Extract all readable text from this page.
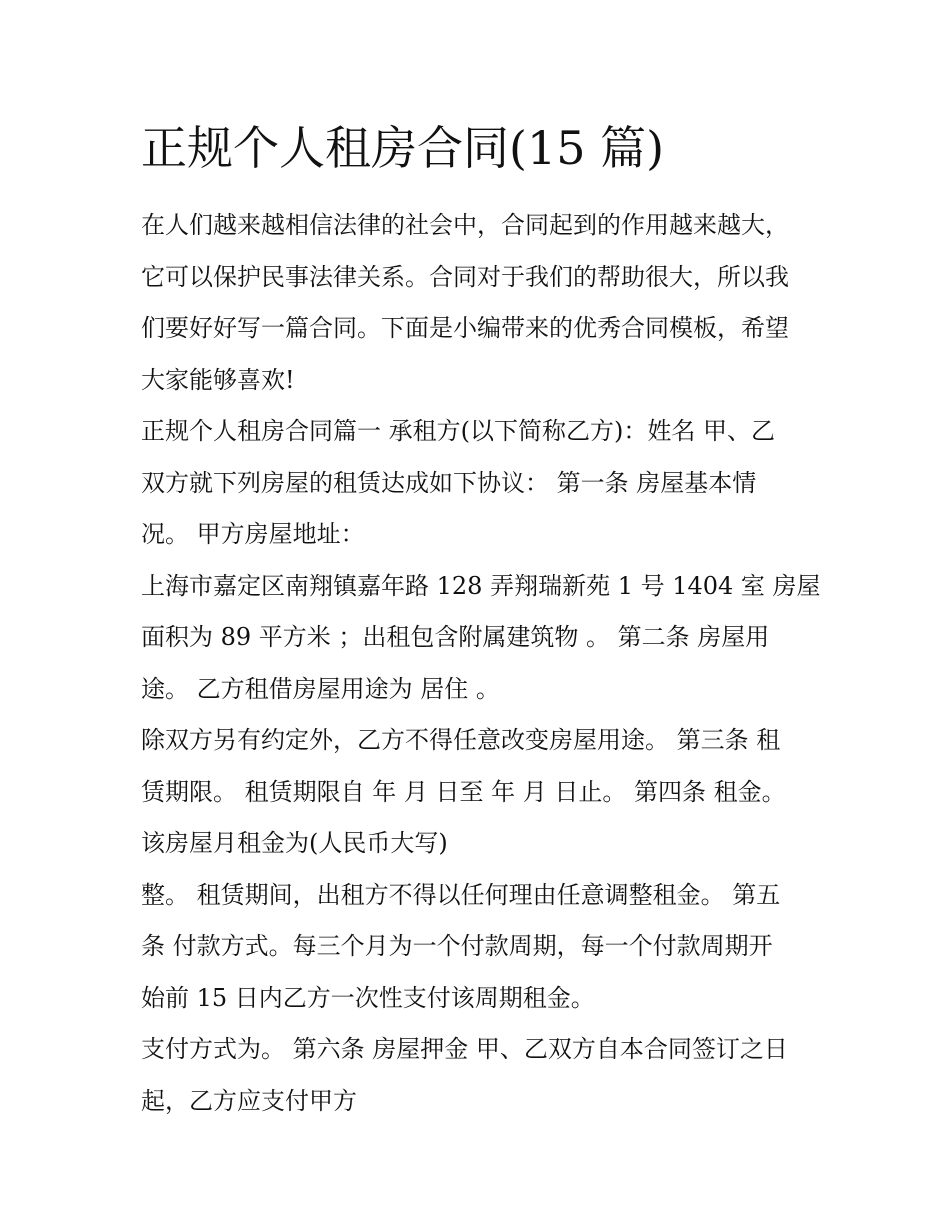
正规个人租房合同(15 篇)

在人们越来越相信法律的社会中，合同起到的作用越来越大，
它可以保护民事法律关系。合同对于我们的帮助很大，所以我
们要好好写一篇合同。下面是小编带来的优秀合同模板，希望
大家能够喜欢!

正规个人租房合同篇一 承租方(以下简称乙方)：姓名 甲、乙
双方就下列房屋的租赁达成如下协议： 第一条 房屋基本情
况。 甲方房屋地址：

上海市嘉定区南翔镇嘉年路 128 弄翔瑞新苑 1 号 1404 室 房屋
面积为 89 平方米 ；出租包含附属建筑物 。 第二条 房屋用
途。 乙方租借房屋用途为 居住 。

除双方另有约定外，乙方不得任意改变房屋用途。 第三条 租
赁期限。 租赁期限自 年 月 日至 年 月 日止。 第四条 租金。
该房屋月租金为(人民币大写)

整。 租赁期间，出租方不得以任何理由任意调整租金。 第五
条 付款方式。每三个月为一个付款周期，每一个付款周期开
始前 15 日内乙方一次性支付该周期租金。

支付方式为。 第六条 房屋押金 甲、乙双方自本合同签订之日
起，乙方应支付甲方
